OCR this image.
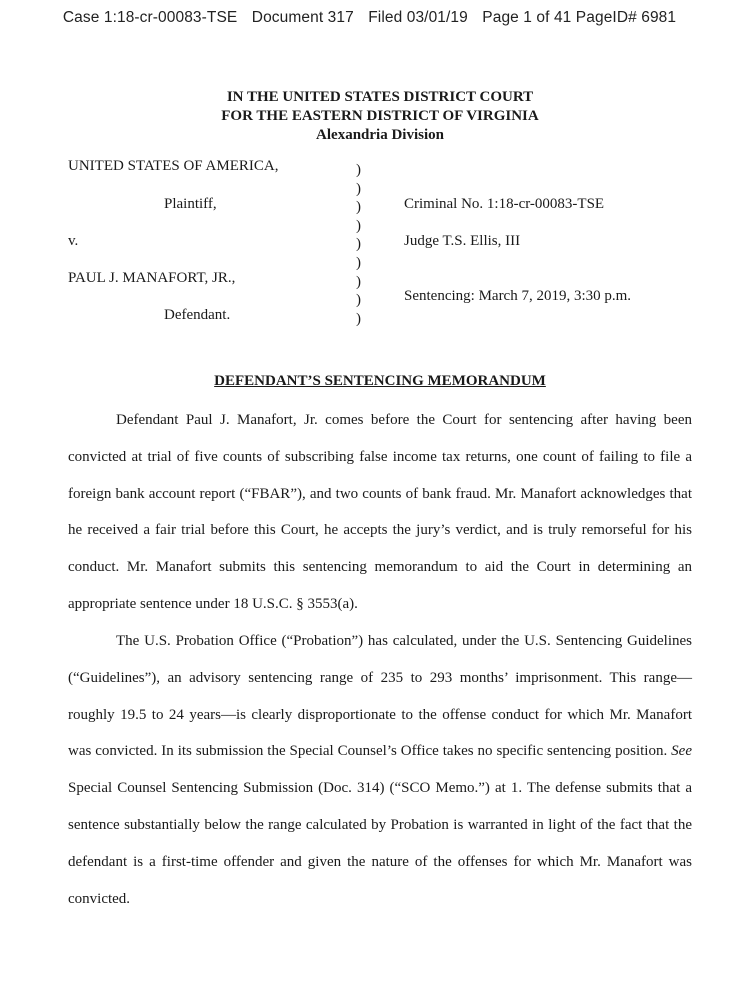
Case 1:18-cr-00083-TSE Document 317 Filed 03/01/19 Page 1 of 41 PageID# 6981
IN THE UNITED STATES DISTRICT COURT
FOR THE EASTERN DISTRICT OF VIRGINIA
Alexandria Division
UNITED STATES OF AMERICA,
Plaintiff,
v.
PAUL J. MANAFORT, JR.,
Defendant.
)
)
)
)
)
)
)
)
)
Criminal No. 1:18-cr-00083-TSE
Judge T.S. Ellis, III
Sentencing: March 7, 2019, 3:30 p.m.
DEFENDANT’S SENTENCING MEMORANDUM

Defendant Paul J. Manafort, Jr. comes before the Court for sentencing after having been convicted at trial of five counts of subscribing false income tax returns, one count of failing to file a foreign bank account report (“FBAR”), and two counts of bank fraud. Mr. Manafort acknowledges that he received a fair trial before this Court, he accepts the jury’s verdict, and is truly remorseful for his conduct. Mr. Manafort submits this sentencing memorandum to aid the Court in determining an appropriate sentence under 18 U.S.C. § 3553(a).

The U.S. Probation Office (“Probation”) has calculated, under the U.S. Sentencing Guidelines (“Guidelines”), an advisory sentencing range of 235 to 293 months’ imprisonment. This range—roughly 19.5 to 24 years—is clearly disproportionate to the offense conduct for which Mr. Manafort was convicted. In its submission the Special Counsel’s Office takes no specific sentencing position. See Special Counsel Sentencing Submission (Doc. 314) (“SCO Memo.”) at 1. The defense submits that a sentence substantially below the range calculated by Probation is warranted in light of the fact that the defendant is a first-time offender and given the nature of the offenses for which Mr. Manafort was convicted.
